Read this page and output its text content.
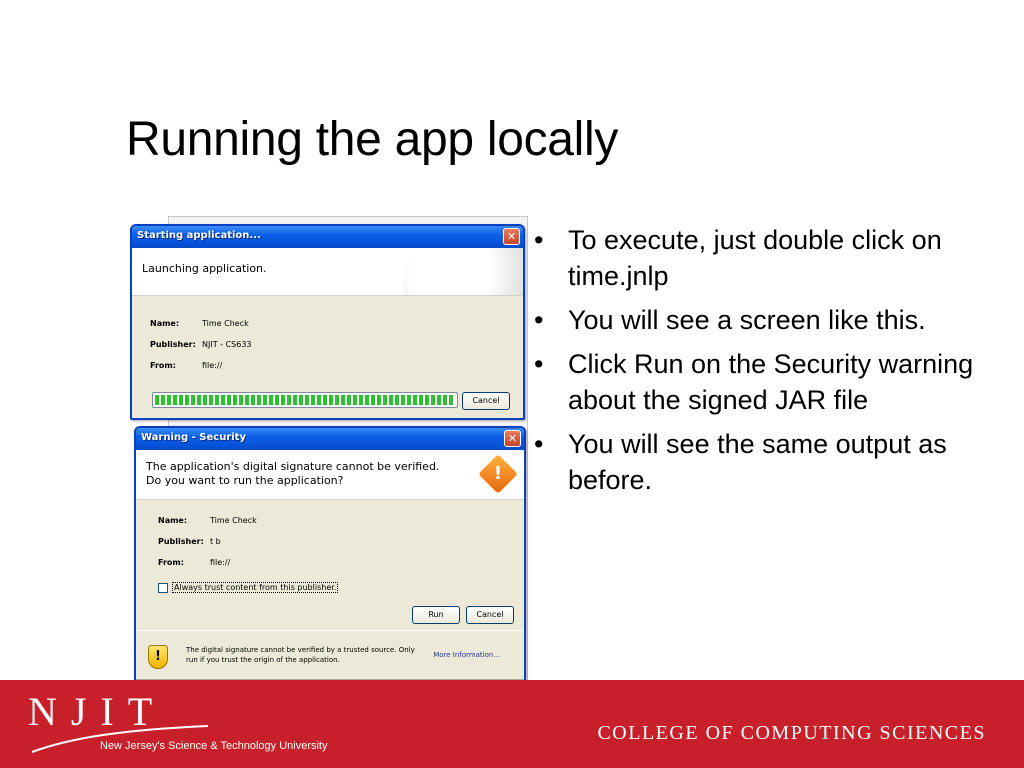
Running the app locally
Starting application...	✕
Launching application.
Name:	Time Check
Publisher: NJIT - CS633
From:	file://
Cancel
Warning - Security	✕
The application's digital signature cannot be verified.
Do you want to run the application?	!
Name:	Time Check
Publisher: t b
From:	file://
Always trust content from this publisher.
Run	Cancel
!	The digital signature cannot be verified by a trusted source. Only
run if you trust the origin of the application.
More Information...
• To execute, just double click on time.jnlp
• You will see a screen like this.
• Click Run on the Security warning about the signed JAR file
• You will see the same output as before.
NJIT
New Jersey's Science & Technology University
COLLEGE OF COMPUTING SCIENCES
